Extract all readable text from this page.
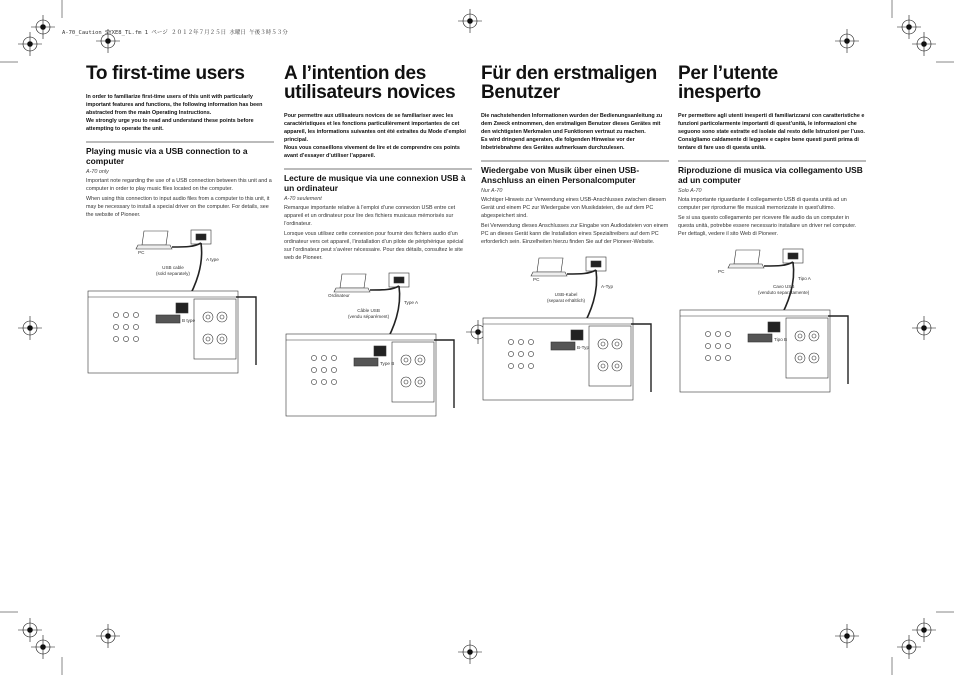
A-70_Caution_SYXE8_TL.fm 1 ページ ２０１２年７月２５日 水曜日 午後３時５３分
To first-time users

In order to familiarize first-time users of this unit with particularly important features and functions, the following information has been abstracted from the main Operating Instructions.

We strongly urge you to read and understand these points before attempting to operate the unit.

Playing music via a USB connection to a computer
A-70 only

Important note regarding the use of a USB connection between this unit and a computer in order to play music files located on the computer.

When using this connection to input audio files from a computer to this unit, it may be necessary to install a special driver on the computer. For details, see the website of Pioneer.

PC
USB cable
(sold separately)
A type
B type
A l’intention des
utilisateurs novices

Pour permettre aux utilisateurs novices de se familiariser avec les caractéristiques et les fonctions particulièrement importantes de cet appareil, les informations suivantes ont été extraites du Mode d’emploi principal.

Nous vous conseillons vivement de lire et de comprendre ces points avant d’essayer d’utiliser l’appareil.

Lecture de musique via une connexion USB à un ordinateur
A-70 seulement

Remarque importante relative à l’emploi d’une connexion USB entre cet appareil et un ordinateur pour lire des fichiers musicaux mémorisés sur l’ordinateur.

Lorsque vous utilisez cette connexion pour fournir des fichiers audio d’un ordinateur vers cet appareil, l’installation d’un pilote de périphérique spécial sur l’ordinateur peut s’avérer nécessaire. Pour des détails, consultez le site web de Pioneer.

Ordinateur
Câble USB
(vendu séparément)
Type A
Type B
Für den erstmaligen
Benutzer

Die nachstehenden Informationen wurden der Bedienungsanleitung zu dem Zweck entnommen, den erstmaligen Benutzer dieses Gerätes mit den wichtigsten Merkmalen und Funktionen vertraut zu machen.

Es wird dringend angeraten, die folgenden Hinweise vor der Inbetriebnahme des Gerätes aufmerksam durchzulesen.

Wiedergabe von Musik über einen USB-Anschluss an einen Personalcomputer
Nur A-70

Wichtiger Hinweis zur Verwendung eines USB-Anschlusses zwischen diesem Gerät und einem PC zur Wiedergabe von Musikdateien, die auf dem PC abgespeichert sind.

Bei Verwendung dieses Anschlusses zur Eingabe von Audiodateien von einem PC an dieses Gerät kann die Installation eines Spezialtreibers auf dem PC erforderlich sein. Einzelheiten hierzu finden Sie auf der Pioneer-Website.

PC
USB-Kabel
(separat erhältlich)
A-Typ
B-Typ
Per l’utente
inesperto

Per permettere agli utenti inesperti di familiarizzarsi con caratteristiche e funzioni particolarmente importanti di quest’unità, le informazioni che seguono sono state estratte ed isolate dal resto delle Istruzioni per l’uso. Consigliamo caldamente di leggere e capire bene questi punti prima di tentare di fare uso di questa unità.

Riproduzione di musica via collegamento USB ad un computer
Solo A-70

Nota importante riguardante il collegamento USB di questa unità ad un computer per riprodurne file musicali memorizzate in quest’ultimo.

Se si usa questo collegamento per ricevere file audio da un computer in questa unità, potrebbe essere necessario installare un driver nel computer. Per dettagli, vedere il sito Web di Pioneer.

PC
Cavo USB
(venduto separatamente)
Tipo A
Tipo B
